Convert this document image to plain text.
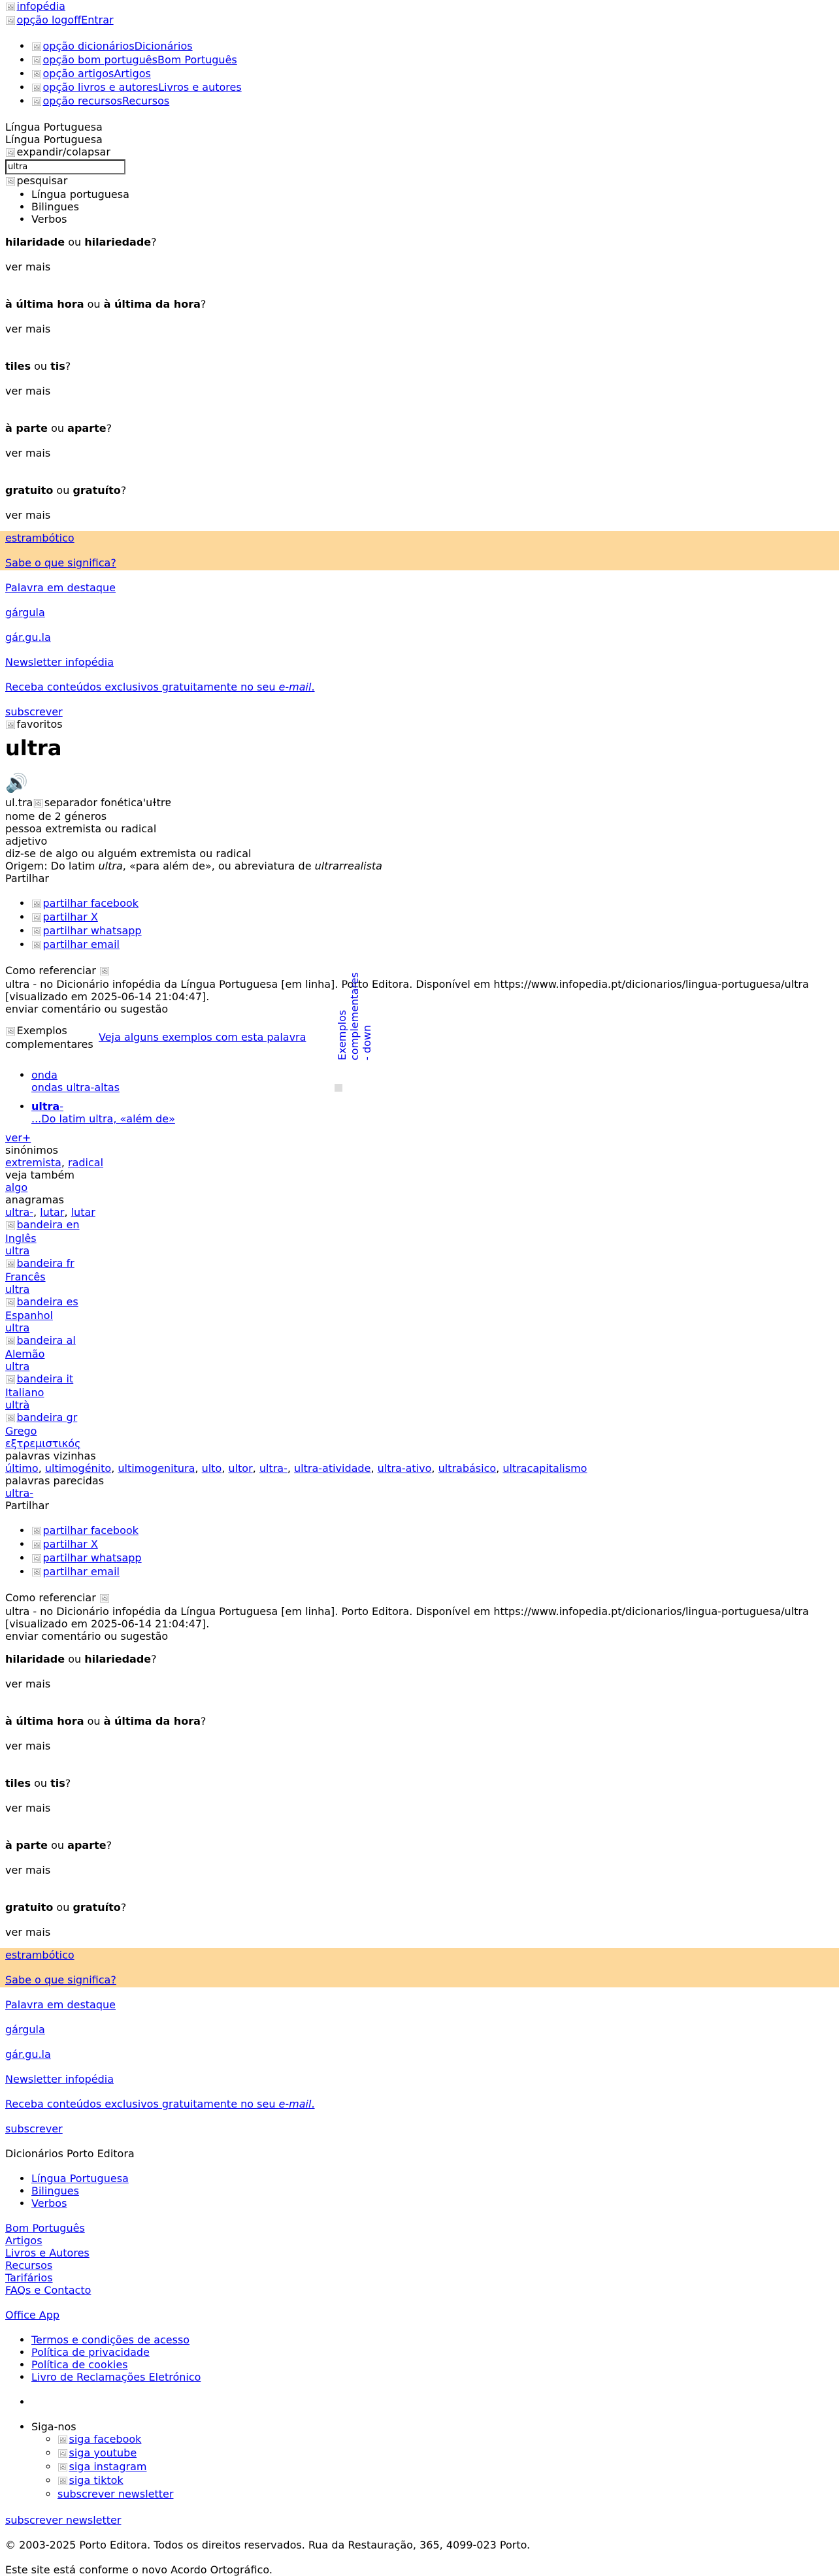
🖼infopédia
🖼opção logoffEntrar
• 🖼opção dicionáriosDicionários
• 🖼opção bom portuguêsBom Português
• 🖼opção artigosArtigos
• 🖼opção livros e autoresLivros e autores
• 🖼opção recursosRecursos
Língua Portuguesa
Língua Portuguesa
🖼expandir/colapsar
ultra
🖼pesquisar
• Língua portuguesa
• Bilingues
• Verbos

hilaridade ou hilariedade?

ver mais

à última hora ou à última da hora?

ver mais

tiles ou tis?

ver mais

à parte ou aparte?

ver mais

gratuito ou gratuíto?

ver mais

estrambótico

Sabe o que significa?

Palavra em destaque

gárgula

gár.gu.la

Newsletter infopédia

Receba conteúdos exclusivos gratuitamente no seu e-mail.

subscrever

🖼favoritos
ultra
🔊
ul.tra🖼 separador fonética'uɫtrɐ
nome de 2 géneros
pessoa extremista ou radical
adjetivo
diz-se de algo ou alguém extremista ou radical
Origem: Do latim ultra, «para além de», ou abreviatura de ultrarrealista
Partilhar
• 🖼partilhar facebook
• 🖼partilhar X
• 🖼partilhar whatsapp
• 🖼partilhar email
Como referenciar 🖼
ultra - no Dicionário infopédia da Língua Portuguesa [em linha]. Porto Editora. Disponível em https://www.infopedia.pt/dicionarios/lingua-portuguesa/ultra [visualizado em 2025-06-14 21:04:47].
enviar comentário ou sugestão
🖼Exemplos complementares
Veja alguns exemplos com esta palavra	Exemplos complementares - down
• onda
ondas ultra-altas
• ultra-
...Do latim ultra, «além de»
ver+
sinónimos
extremista, radical
veja também
algo
anagramas
ultra-, lutar, lutar
🖼bandeira en
Inglês
ultra
🖼bandeira fr
Francês
ultra
🖼bandeira es
Espanhol
ultra
🖼bandeira al
Alemão
ultra
🖼bandeira it
Italiano
ultrà
🖼bandeira gr
Grego
εξτρεμιστικός
palavras vizinhas
último, ultimogénito, ultimogenitura, ulto, ultor, ultra-, ultra-atividade, ultra-ativo, ultrabásico, ultracapitalismo
palavras parecidas
ultra-
Partilhar
• 🖼partilhar facebook
• 🖼partilhar X
• 🖼partilhar whatsapp
• 🖼partilhar email
Como referenciar 🖼
ultra - no Dicionário infopédia da Língua Portuguesa [em linha]. Porto Editora. Disponível em https://www.infopedia.pt/dicionarios/lingua-portuguesa/ultra [visualizado em 2025-06-14 21:04:47].
enviar comentário ou sugestão

hilaridade ou hilariedade?

ver mais

à última hora ou à última da hora?

ver mais

tiles ou tis?

ver mais

à parte ou aparte?

ver mais

gratuito ou gratuíto?

ver mais

estrambótico

Sabe o que significa?

Palavra em destaque

gárgula

gár.gu.la

Newsletter infopédia

Receba conteúdos exclusivos gratuitamente no seu e-mail.

subscrever

Dicionários Porto Editora

• Língua Portuguesa
• Bilingues
• Verbos
Bom Português
Artigos
Livros e Autores
Recursos
Tarifários
FAQs e Contacto

Office App

• Termos e condições de acesso
• Política de privacidade
• Política de cookies
• Livro de Reclamações Eletrónico
•
• Siga-nos
◦ 🖼siga facebook
◦ 🖼siga youtube
◦ 🖼siga instagram
◦ 🖼siga tiktok
◦ subscrever newsletter

subscrever newsletter

© 2003-2025 Porto Editora. Todos os direitos reservados. Rua da Restauração, 365, 4099-023 Porto.

Este site está conforme o novo Acordo Ortográfico.
